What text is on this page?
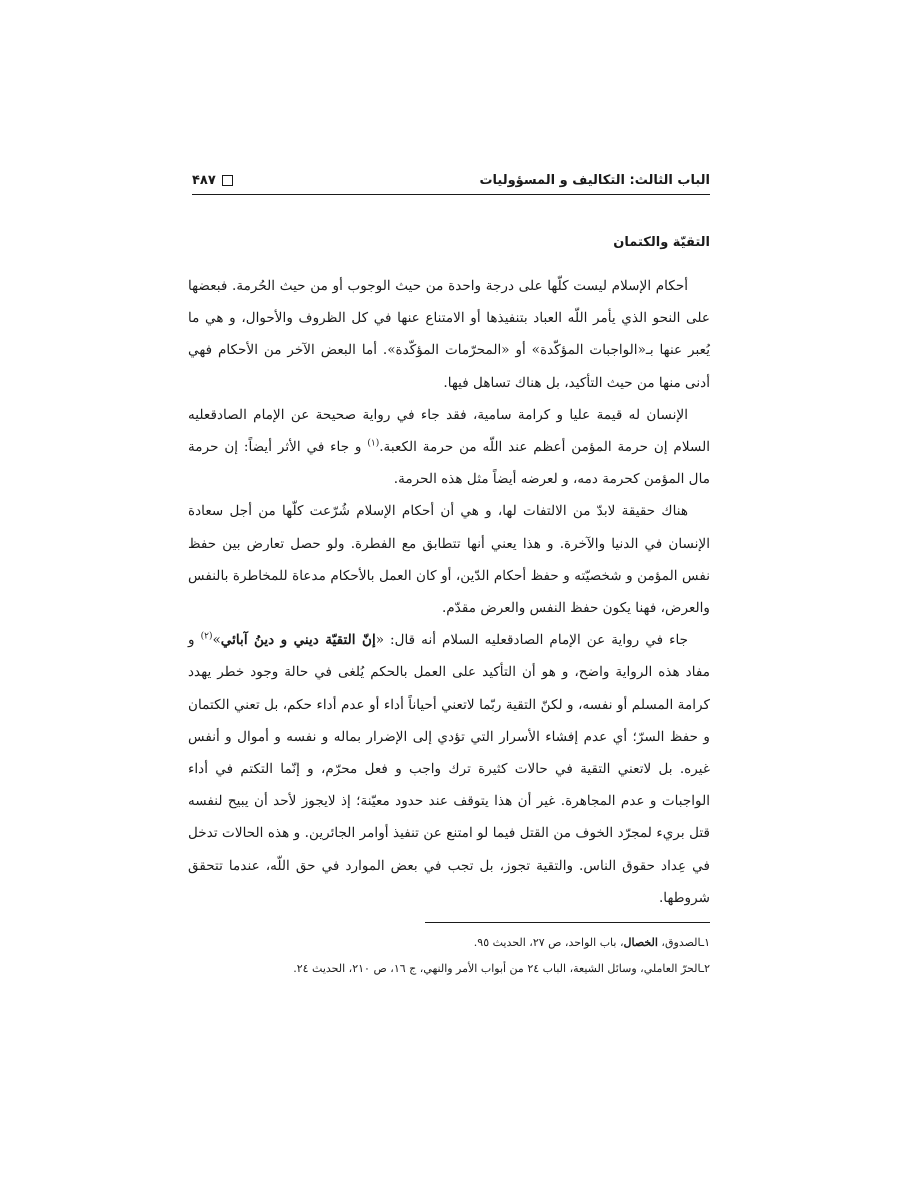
الباب الثالث: التكاليف و المسؤوليات
۴۸۷
التقيّة والكتمان

أحكام الإسلام ليست كلّها على درجة واحدة من حيث الوجوب أو من حيث الحُرمة. فبعضها على النحو الذي يأمر اللّه العباد بتنفيذها أو الامتناع عنها في كل الظروف والأحوال، و هي ما يُعبر عنها بـ«الواجبات المؤكّدة» أو «المحرّمات المؤكّدة». أما البعض الآخر من الأحكام فهي أدنى منها من حيث التأكيد، بل هناك تساهل فيها.

الإنسان له قيمة عليا و كرامة سامية، فقد جاء في رواية صحيحة عن الإمام الصادقعليه السلام إن حرمة المؤمن أعظم عند اللّه من حرمة الكعبة.$^{(١)}$ و جاء في الأثر أيضاً: إن حرمة مال المؤمن كحرمة دمه، و لعرضه أيضاً مثل هذه الحرمة.

هناك حقيقة لابدّ من الالتفات لها، و هي أن أحكام الإسلام شُرّعت كلّها من أجل سعادة الإنسان في الدنيا والآخرة. و هذا يعني أنها تتطابق مع الفطرة. ولو حصل تعارض بين حفظ نفس المؤمن و شخصيّته و حفظ أحكام الدّين، أو كان العمل بالأحكام مدعاة للمخاطرة بالنفس والعرض، فهنا يكون حفظ النفس والعرض مقدّم.

جاء في رواية عن الإمام الصادقعليه السلام أنه قال: «إنّ التقيّة ديني و دينُ آبائي»$^{(٢)}$ و مفاد هذه الرواية واضح، و هو أن التأكيد على العمل بالحكم يُلغى في حالة وجود خطر يهدد كرامة المسلم أو نفسه، و لكنّ التقية ربّما لاتعني أحياناً أداء أو عدم أداء حكم، بل تعني الكتمان و حفظ السرّ؛ أي عدم إفشاء الأسرار التي تؤدي إلى الإضرار بماله و نفسه و أموال و أنفس غيره. بل لاتعني التقية في حالات كثيرة ترك واجب و فعل محرّم، و إنّما التكتم في أداء الواجبات و عدم المجاهرة. غير أن هذا يتوقف عند حدود معيّنة؛ إذ لايجوز لأحد أن يبيح لنفسه قتل بريء لمجرّد الخوف من القتل فيما لو امتنع عن تنفيذ أوامر الجائرين. و هذه الحالات تدخل في عِداد حقوق الناس. والتقية تجوز، بل تجب في بعض الموارد في حق اللّه، عندما تتحقق شروطها.

١ـالصدوق، الخصال، باب الواحد، ص ٢٧، الحديث ٩٥.

٢ـالحرّ العاملي، وسائل الشيعة، الباب ٢٤ من أبواب الأمر والنهي، ج ١٦، ص ٢١٠، الحديث ٢٤.
